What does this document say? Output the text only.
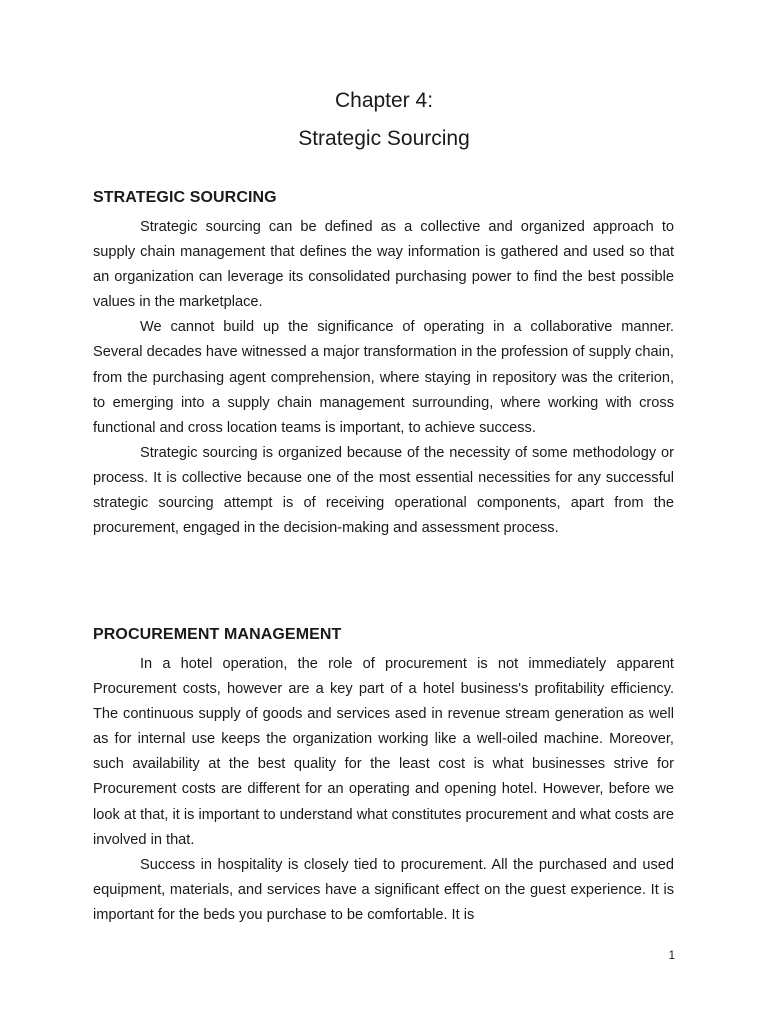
Chapter 4:
Strategic Sourcing
STRATEGIC SOURCING

Strategic sourcing can be defined as a collective and organized approach to supply chain management that defines the way information is gathered and used so that an organization can leverage its consolidated purchasing power to find the best possible values in the marketplace.

We cannot build up the significance of operating in a collaborative manner. Several decades have witnessed a major transformation in the profession of supply chain, from the purchasing agent comprehension, where staying in repository was the criterion, to emerging into a supply chain management surrounding, where working with cross functional and cross location teams is important, to achieve success.

Strategic sourcing is organized because of the necessity of some methodology or process. It is collective because one of the most essential necessities for any successful strategic sourcing attempt is of receiving operational components, apart from the procurement, engaged in the decision-making and assessment process.

PROCUREMENT MANAGEMENT

In a hotel operation, the role of procurement is not immediately apparent Procurement costs, however are a key part of a hotel business's profitability efficiency. The continuous supply of goods and services ased in revenue stream generation as well as for internal use keeps the organization working like a well-oiled machine. Moreover, such availability at the best quality for the least cost is what businesses strive for Procurement costs are different for an operating and opening hotel. However, before we look at that, it is important to understand what constitutes procurement and what costs are involved in that.

Success in hospitality is closely tied to procurement. All the purchased and used equipment, materials, and services have a significant effect on the guest experience. It is important for the beds you purchase to be comfortable. It is

1
